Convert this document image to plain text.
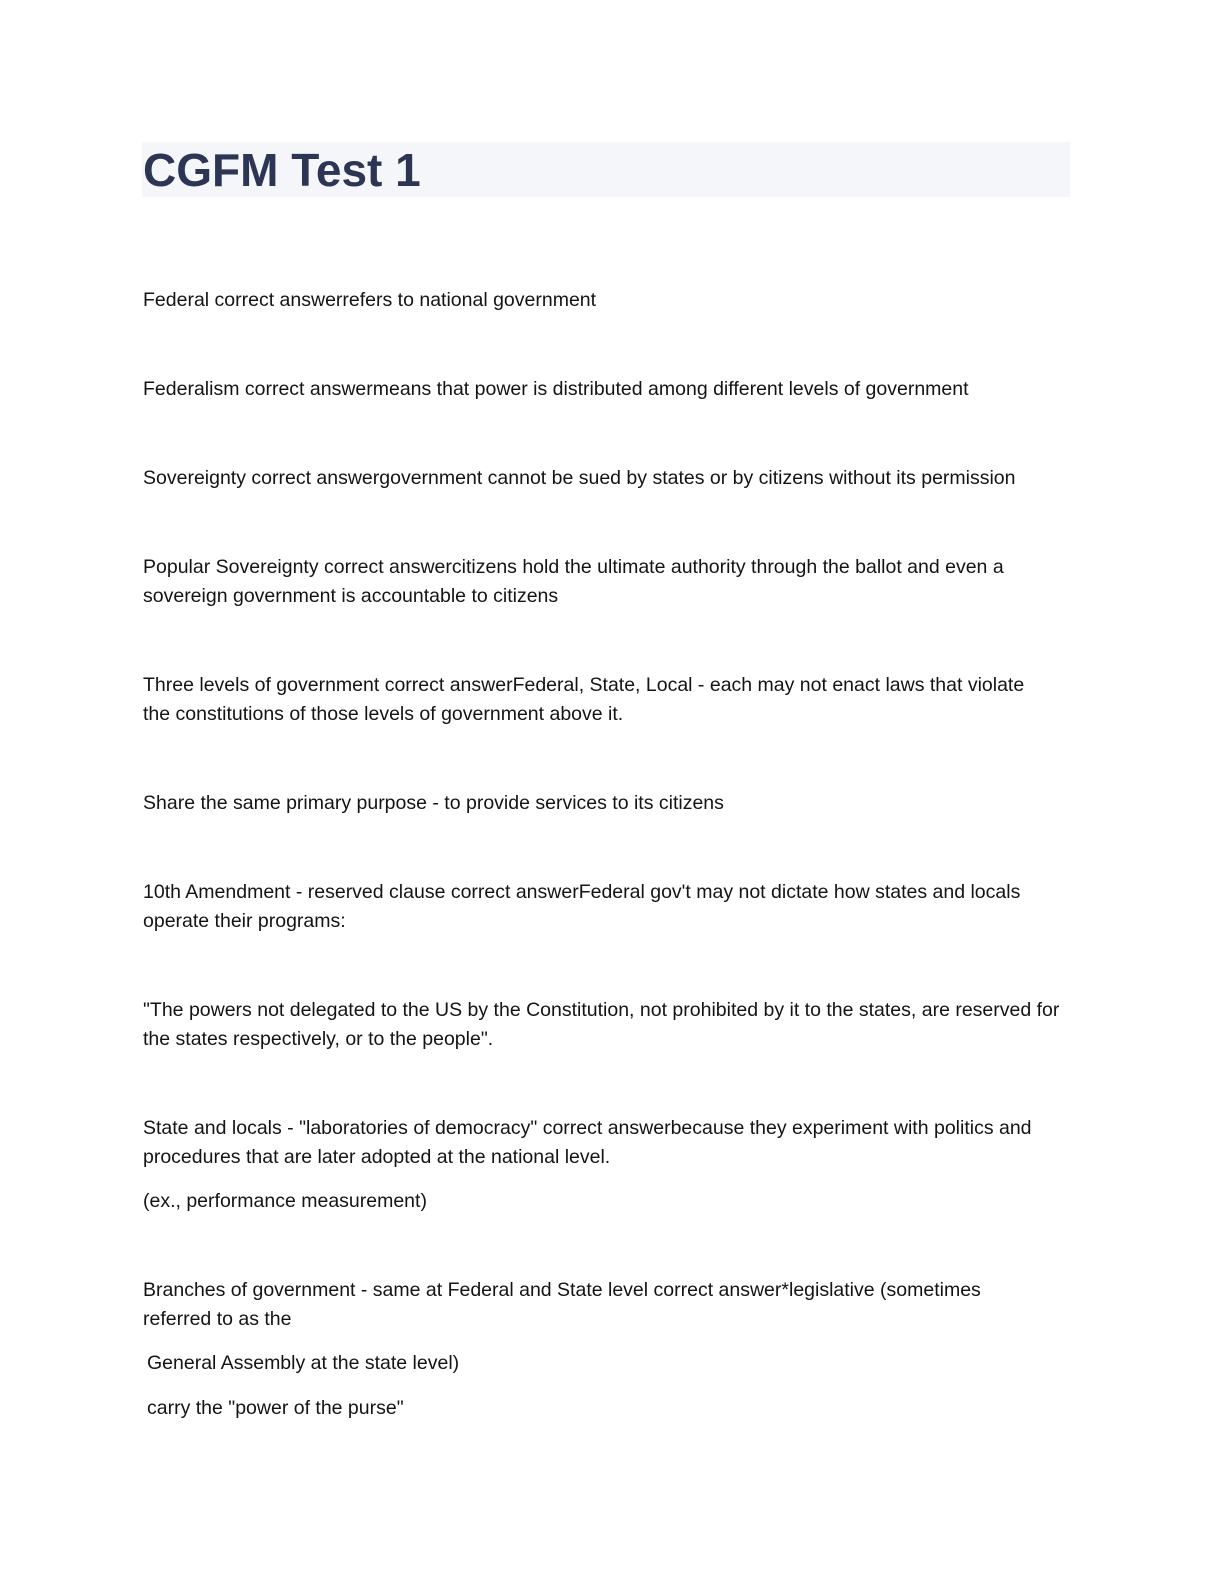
CGFM Test 1

Federal correct answerrefers to national government

Federalism correct answermeans that power is distributed among different levels of government

Sovereignty correct answergovernment cannot be sued by states or by citizens without its permission

Popular Sovereignty correct answercitizens hold the ultimate authority through the ballot and even a sovereign government is accountable to citizens

Three levels of government correct answerFederal, State, Local - each may not enact laws that violate the constitutions of those levels of government above it.

Share the same primary purpose - to provide services to its citizens

10th Amendment - reserved clause correct answerFederal gov't may not dictate how states and locals operate their programs:

"The powers not delegated to the US by the Constitution, not prohibited by it to the states, are reserved for the states respectively, or to the people".

State and locals - "laboratories of democracy" correct answerbecause they experiment with politics and procedures that are later adopted at the national level.

(ex., performance measurement)

Branches of government - same at Federal and State level correct answer*legislative (sometimes referred to as the

General Assembly at the state level)

carry the "power of the purse"
